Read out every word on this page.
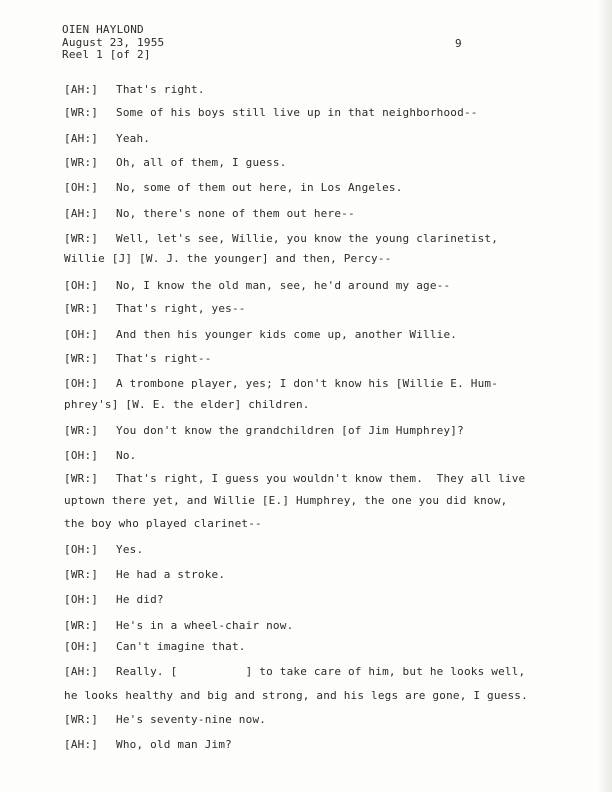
OIEN HAYLOND
August 23, 1955
Reel 1 [of 2]
9
[AH:] That's right.
[WR:] Some of his boys still live up in that neighborhood--
[AH:] Yeah.
[WR:] Oh, all of them, I guess.
[OH:] No, some of them out here, in Los Angeles.
[AH:] No, there's none of them out here--
[WR:] Well, let's see, Willie, you know the young clarinetist,
Willie [J] [W. J. the younger] and then, Percy--
[OH:] No, I know the old man, see, he'd around my age--
[WR:] That's right, yes--
[OH:] And then his younger kids come up, another Willie.
[WR:] That's right--
[OH:] A trombone player, yes; I don't know his [Willie E. Hum-
phrey's] [W. E. the elder] children.
[WR:] You don't know the grandchildren [of Jim Humphrey]?
[OH:] No.
[WR:] That's right, I guess you wouldn't know them.  They all live
uptown there yet, and Willie [E.] Humphrey, the one you did know,
the boy who played clarinet--
[OH:] Yes.
[WR:] He had a stroke.
[OH:] He did?
[WR:] He's in a wheel-chair now.
[OH:] Can't imagine that.
[AH:] Really. [          ] to take care of him, but he looks well,
he looks healthy and big and strong, and his legs are gone, I guess.
[WR:] He's seventy-nine now.
[AH:] Who, old man Jim?
